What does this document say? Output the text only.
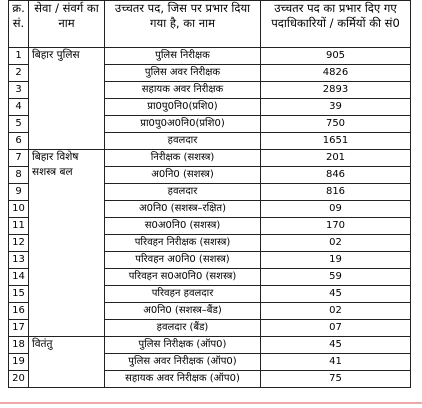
क्र. सं.	सेवा / संवर्ग का नाम	उच्चतर पद, जिस पर प्रभार दिया गया है, का नाम	उच्चतर पद का प्रभार दिए गए पदाधिकारियों / कर्मियों की सं0
1	बिहार पुलिस	पुलिस निरीक्षक	905
2		पुलिस अवर निरीक्षक	4826
3		सहायक अवर निरीक्षक	2893
4		प्रा0पु0नि0(प्रशि0)	39
5		प्रा0पु0अ0नि0(प्रशि0)	750
6		हवलदार	1651
7	बिहार विशेष सशस्त्र बल	निरीक्षक (सशस्त्र)	201
8		अ0नि0 (सशस्त्र)	846
9		हवलदार	816
10		अ0नि0 (सशस्त्र–रक्षित)	09
11		स0अ0नि0 (सशस्त्र)	170
12		परिवहन निरीक्षक (सशस्त्र)	02
13		परिवहन अ0नि0 (सशस्त्र)	19
14		परिवहन स0अ0नि0 (सशस्त्र)	59
15		परिवहन हवलदार	45
16		अ0नि0 (सशस्त्र–बैंड)	02
17		हवलदार (बैंड)	07
18	वितंतु	पुलिस निरीक्षक (ऑप0)	45
19		पुलिस अवर निरीक्षक (ऑप0)	41
20		सहायक अवर निरीक्षक (ऑप0)	75
